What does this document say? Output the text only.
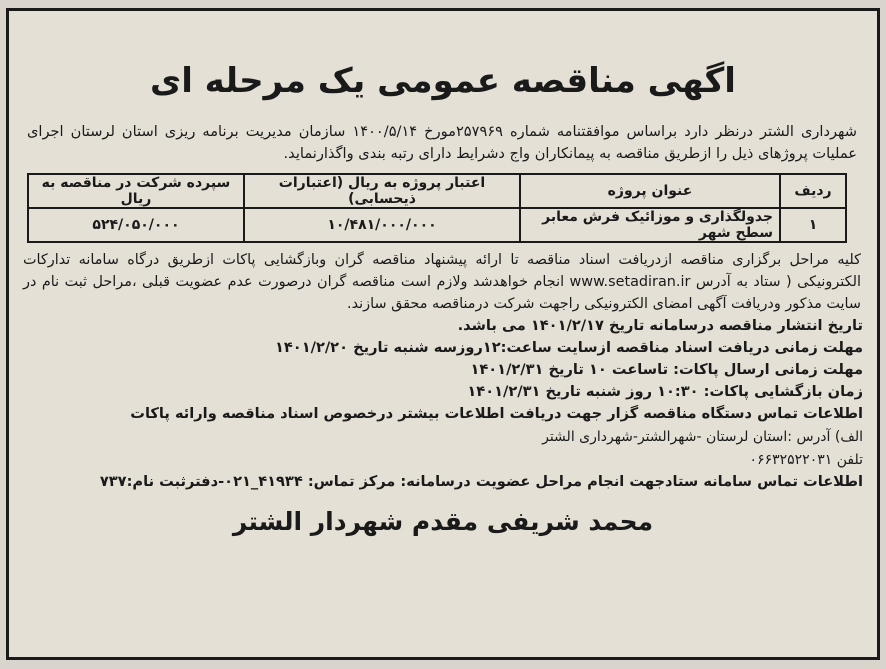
اگهی مناقصه عمومی یک مرحله ای
شهرداری الشتر درنظر دارد براساس موافقتنامه شماره ۲۵۷۹۶۹مورخ ۱۴۰۰/۵/۱۴ سازمان مدیریت برنامه ریزی استان لرستان اجرای عملیات پروژهای ذیل را ازطریق مناقصه به پیمانکاران واج دشرایط دارای رتبه بندی واگذارنماید.
ردیف	عنوان پروژه	اعتبار پروژه به ریال (اعتبارات ذیحسابی)	سپرده شرکت در مناقصه به ریال
۱	جدولگذاری و موزائیک فرش معابر سطح شهر	۱۰/۴۸۱/۰۰۰/۰۰۰	۵۲۴/۰۵۰/۰۰۰
کلیه مراحل برگزاری مناقصه ازدریافت اسناد مناقصه تا ارائه پیشنهاد مناقصه گران وبازگشایی پاکات ازطریق درگاه سامانه تدارکات الکترونیکی ( ستاد به آدرس www.setadiran.ir انجام خواهدشد ولازم است مناقصه گران درصورت عدم عضویت قبلی ،مراحل ثبت نام در سایت مذکور ودریافت آگهی امضای الکترونیکی راجهت شرکت درمناقصه محقق سازند.
تاریخ انتشار مناقصه درسامانه تاریخ ۱۴۰۱/۲/۱۷ می باشد.
مهلت زمانی دریافت اسناد مناقصه ازسایت ساعت:۱۲روزسه شنبه تاریخ ۱۴۰۱/۲/۲۰
مهلت زمانی ارسال پاکات: تاساعت ۱۰ تاریخ ۱۴۰۱/۲/۳۱
زمان بازگشایی پاکات: ۱۰:۳۰ روز شنبه تاریخ ۱۴۰۱/۲/۳۱
اطلاعات تماس دستگاه مناقصه گزار جهت دریافت اطلاعات بیشتر درخصوص اسناد مناقصه وارائه پاکات
الف) آدرس :استان لرستان -شهرالشتر-شهرداری الشتر
تلفن ۰۶۶۳۲۵۲۲۰۳۱
اطلاعات تماس سامانه ستادجهت انجام مراحل عضویت درسامانه: مرکز تماس: ۴۱۹۳۴_۰۲۱-دفترثبت نام:۷۳۷
محمد شریفی مقدم شهردار الشتر
